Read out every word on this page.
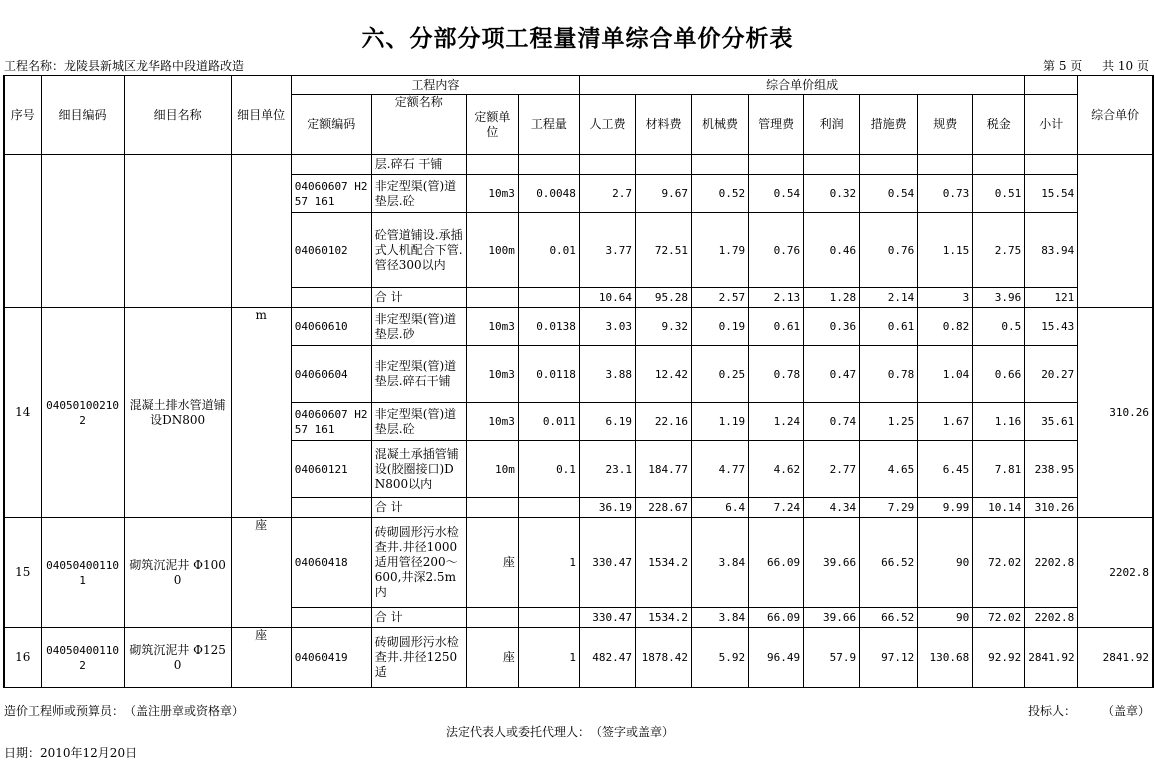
六、分部分项工程量清单综合单价分析表
工程名称：龙陵县新城区龙华路中段道路改造	第 5 页 共 10 页
序号	细目编码	细目名称	细目单位	工程内容				综合单价组成									综合单价
				定额编码	定额名称	定额单位	工程量	人工费	材料费	机械费	管理费	利润	措施费	规费	税金	小计	
					层.碎石 干铺												
				04060607 H257 161	非定型渠(管)道垫层.砼	10m3	0.0048	2.7	9.67	0.52	0.54	0.32	0.54	0.73	0.51	15.54	
				04060102	砼管道铺设.承插式人机配合下管.管径300以内	100m	0.01	3.77	72.51	1.79	0.76	0.46	0.76	1.15	2.75	83.94	
					合 计			10.64	95.28	2.57	2.13	1.28	2.14	3	3.96	121	
14	040501002102	混凝土排水管道铺设DN800	m	04060610	非定型渠(管)道垫层.砂	10m3	0.0138	3.03	9.32	0.19	0.61	0.36	0.61	0.82	0.5	15.43	310.26
				04060604	非定型渠(管)道垫层.碎石干铺	10m3	0.0118	3.88	12.42	0.25	0.78	0.47	0.78	1.04	0.66	20.27	
				04060607 H257 161	非定型渠(管)道垫层.砼	10m3	0.011	6.19	22.16	1.19	1.24	0.74	1.25	1.67	1.16	35.61	
				04060121	混凝土承插管铺设(胶圈接口)DN800以内	10m	0.1	23.1	184.77	4.77	4.62	2.77	4.65	6.45	7.81	238.95	
					合 计			36.19	228.67	6.4	7.24	4.34	7.29	9.99	10.14	310.26	
15	040504001101	砌筑沉泥井 Φ1000	座	04060418	砖砌圆形污水检查井.井径1000适用管径200～600,井深2.5m内	座	1	330.47	1534.2	3.84	66.09	39.66	66.52	90	72.02	2202.8	2202.8
					合 计			330.47	1534.2	3.84	66.09	39.66	66.52	90	72.02	2202.8	
16	040504001102	砌筑沉泥井 Φ1250	座	04060419	砖砌圆形污水检查井.井径1250适	座	1	482.47	1878.42	5.92	96.49	57.9	97.12	130.68	92.92	2841.92	2841.92
造价工程师或预算员：　（盖注册章或资格章）	投标人： （盖章）
法定代表人或委托代理人：　（签字或盖章）
日期：2010年12月20日
